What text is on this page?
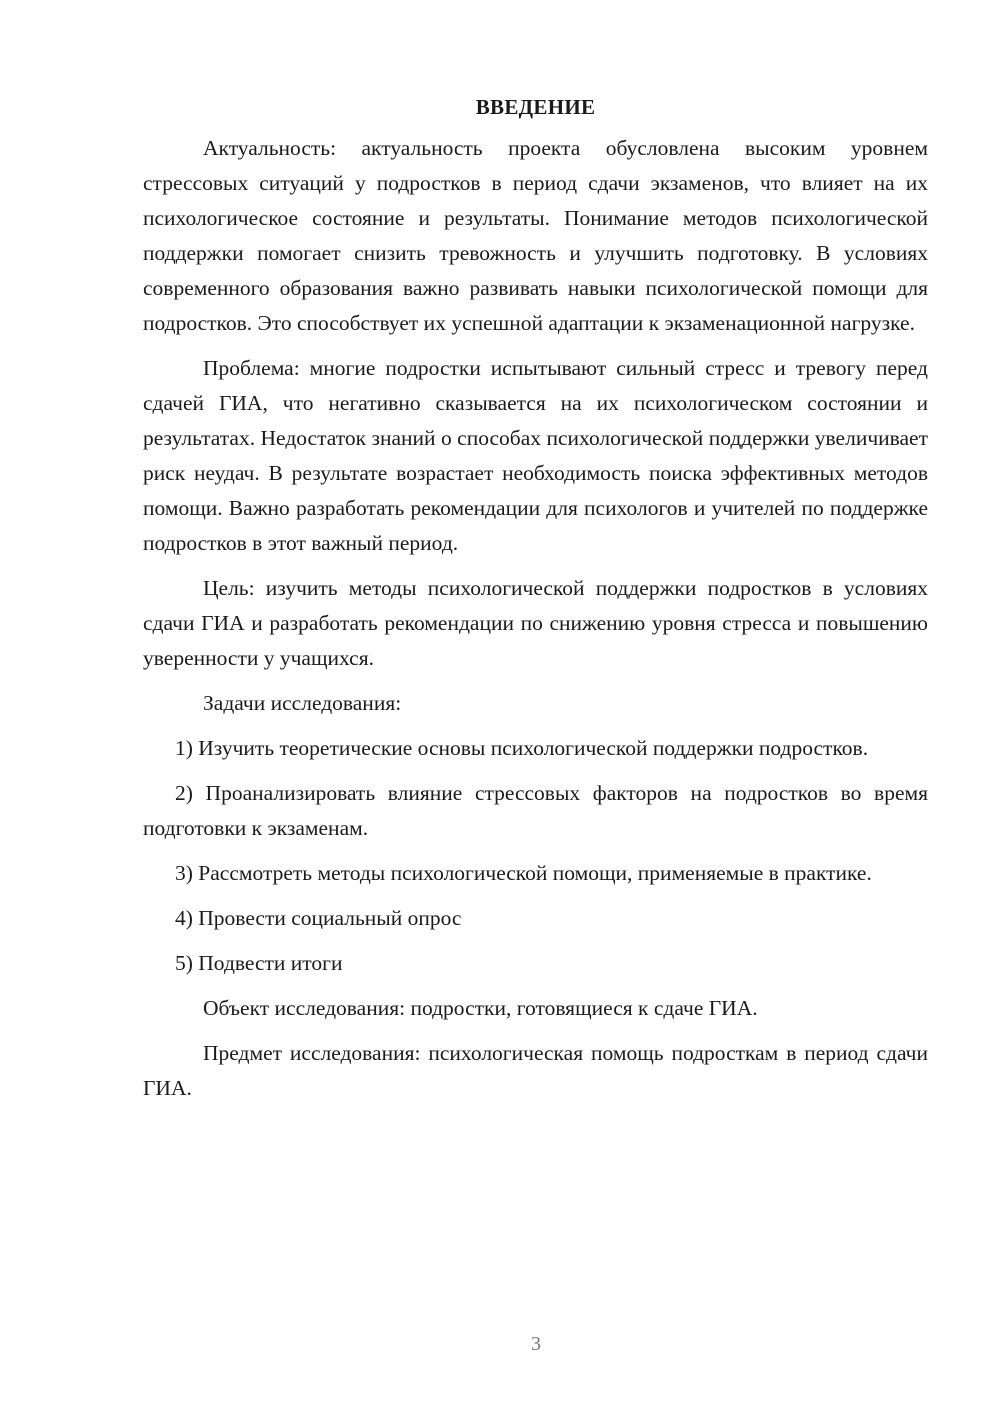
ВВЕДЕНИЕ

Актуальность: актуальность проекта обусловлена высоким уровнем стрессовых ситуаций у подростков в период сдачи экзаменов, что влияет на их психологическое состояние и результаты. Понимание методов психологической поддержки помогает снизить тревожность и улучшить подготовку. В условиях современного образования важно развивать навыки психологической помощи для подростков. Это способствует их успешной адаптации к экзаменационной нагрузке.

Проблема: многие подростки испытывают сильный стресс и тревогу перед сдачей ГИА, что негативно сказывается на их психологическом состоянии и результатах. Недостаток знаний о способах психологической поддержки увеличивает риск неудач. В результате возрастает необходимость поиска эффективных методов помощи. Важно разработать рекомендации для психологов и учителей по поддержке подростков в этот важный период.

Цель: изучить методы психологической поддержки подростков в условиях сдачи ГИА и разработать рекомендации по снижению уровня стресса и повышению уверенности у учащихся.

Задачи исследования:

1) Изучить теоретические основы психологической поддержки подростков.

2) Проанализировать влияние стрессовых факторов на подростков во время подготовки к экзаменам.

3) Рассмотреть методы психологической помощи, применяемые в практике.

4) Провести социальный опрос

5) Подвести итоги

Объект исследования: подростки, готовящиеся к сдаче ГИА.

Предмет исследования: психологическая помощь подросткам в период сдачи ГИА.

3
